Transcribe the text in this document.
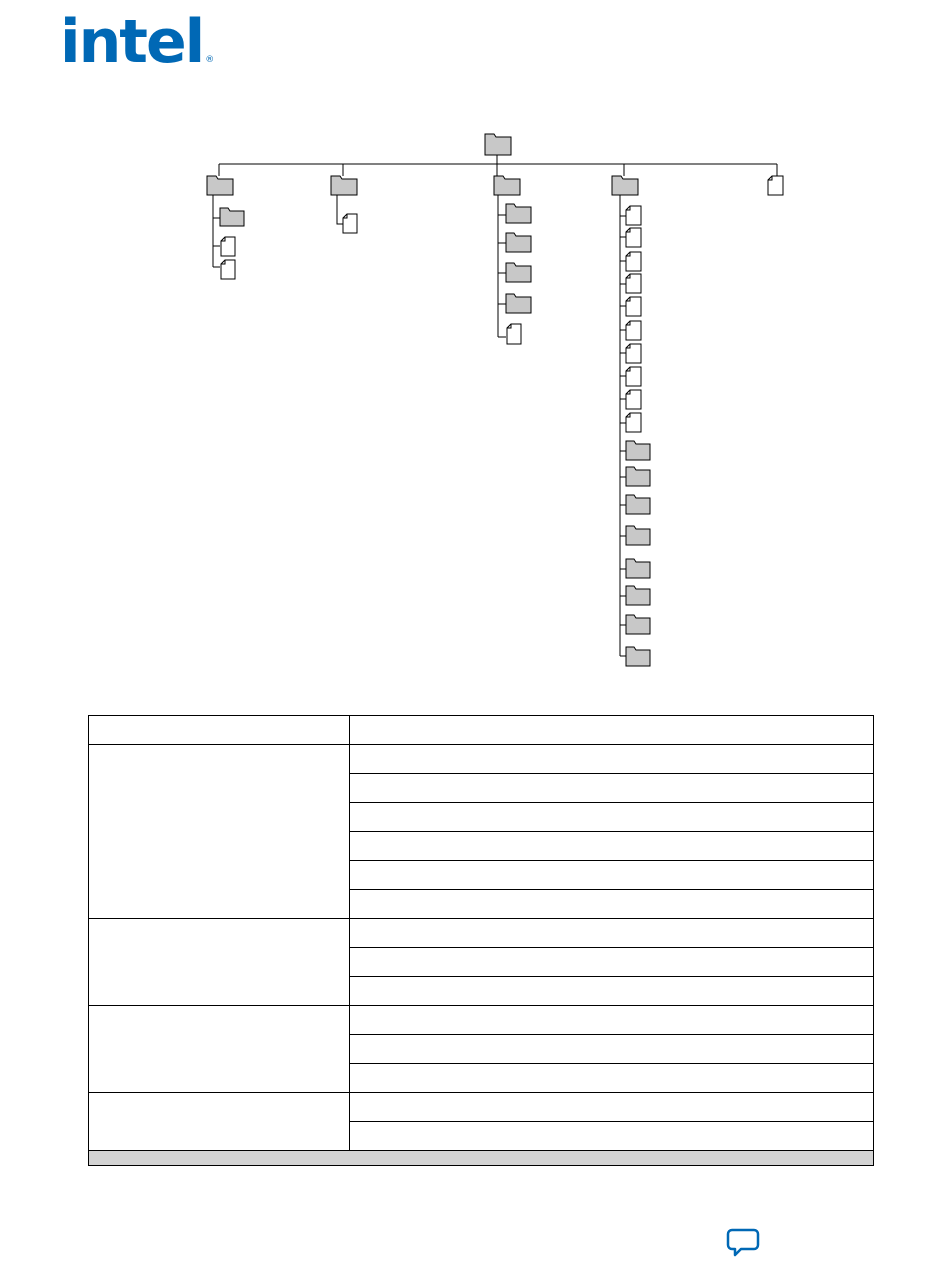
intel ®
